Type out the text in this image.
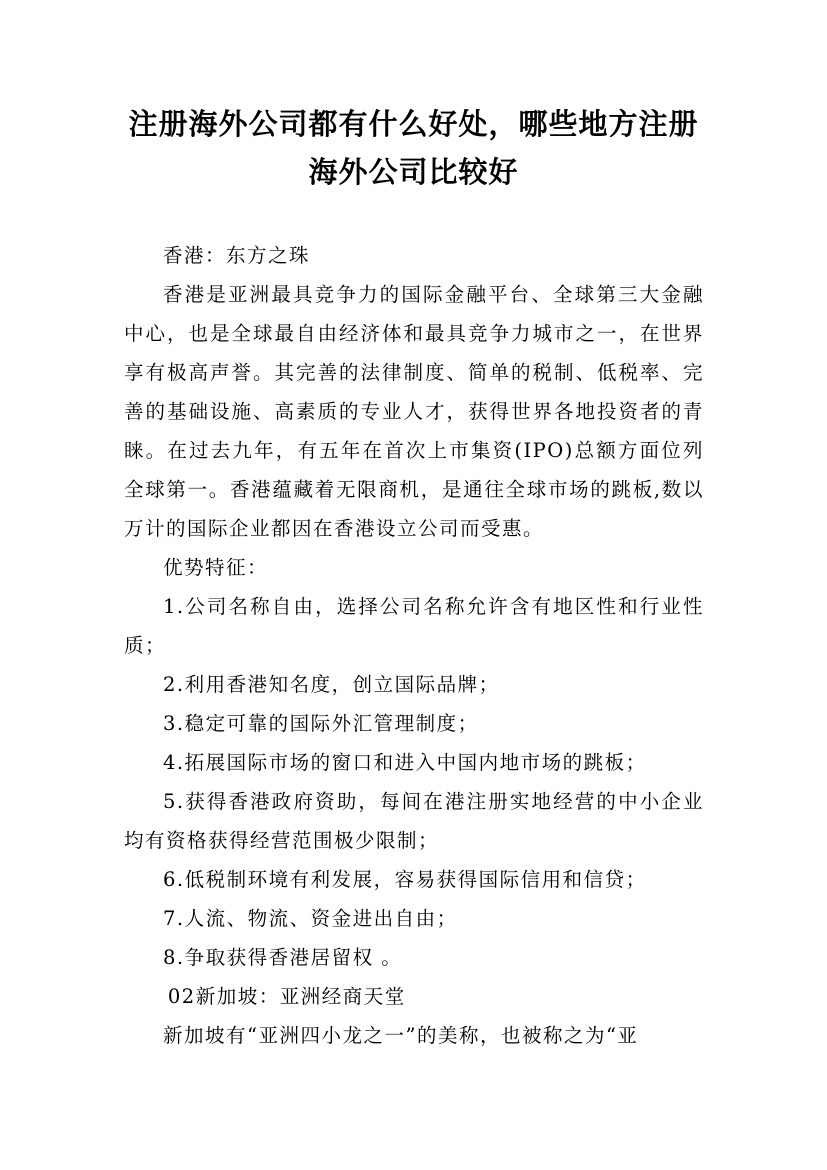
注册海外公司都有什么好处，哪些地方注册
海外公司比较好

香港：东方之珠

香港是亚洲最具竞争力的国际金融平台、全球第三大金融中心，也是全球最自由经济体和最具竞争力城市之一，在世界享有极高声誉。其完善的法律制度、简单的税制、低税率、完善的基础设施、高素质的专业人才，获得世界各地投资者的青睐。在过去九年，有五年在首次上市集资(IPO)总额方面位列全球第一。香港蕴藏着无限商机，是通往全球市场的跳板,数以万计的国际企业都因在香港设立公司而受惠。

优势特征：

1.公司名称自由，选择公司名称允许含有地区性和行业性质；

2.利用香港知名度，创立国际品牌；

3.稳定可靠的国际外汇管理制度；

4.拓展国际市场的窗口和进入中国内地市场的跳板；

5.获得香港政府资助，每间在港注册实地经营的中小企业均有资格获得经营范围极少限制；

6.低税制环境有利发展，容易获得国际信用和信贷；

7.人流、物流、资金进出自由；

8.争取获得香港居留权 。

02新加坡：亚洲经商天堂

新加坡有“亚洲四小龙之一”的美称，也被称之为“亚
